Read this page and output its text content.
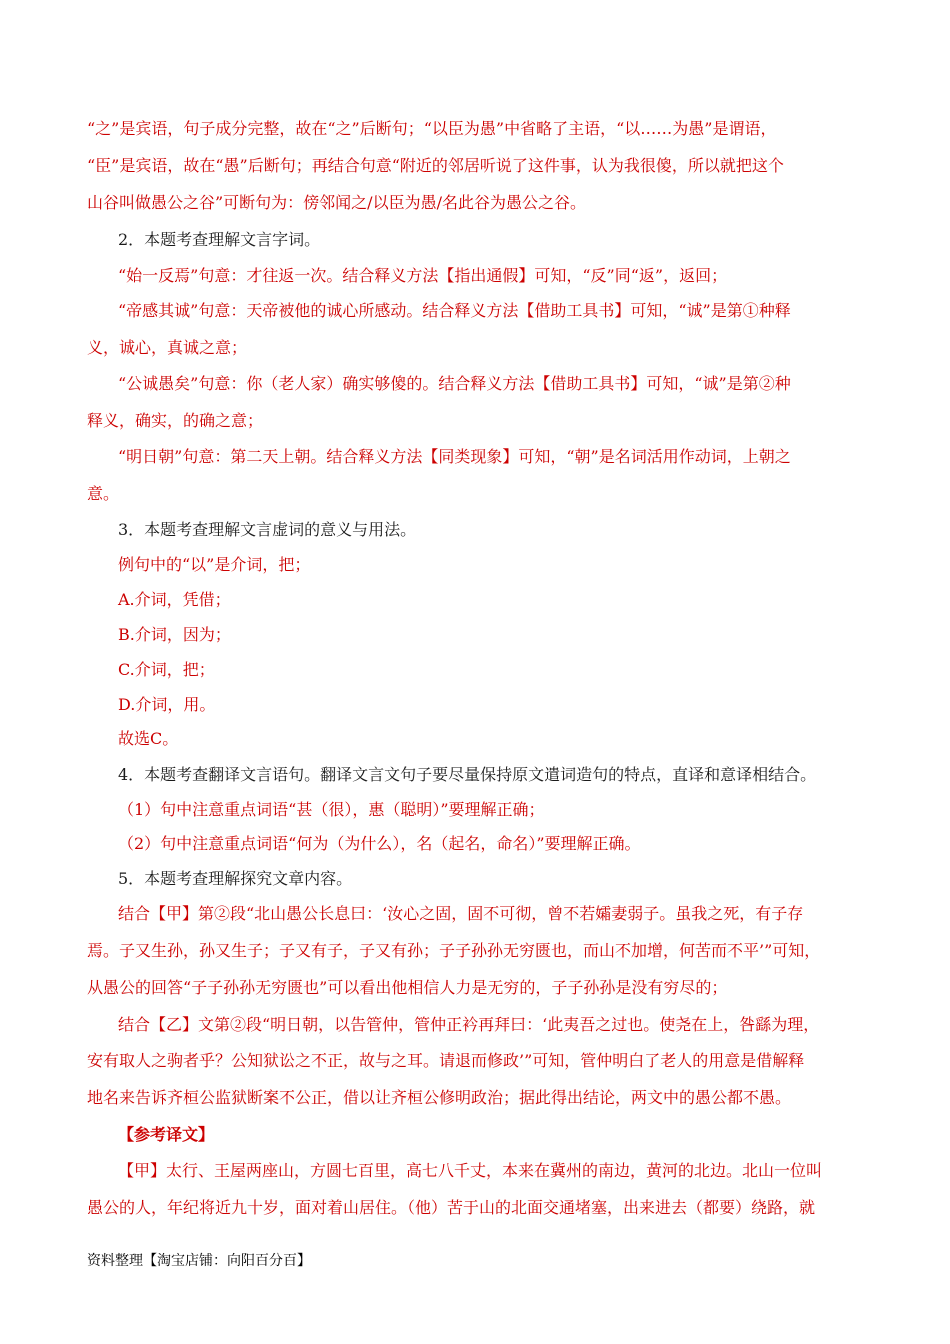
“之”是宾语，句子成分完整，故在“之”后断句；“以臣为愚”中省略了主语，“以……为愚”是谓语，
“臣”是宾语，故在“愚”后断句；再结合句意“附近的邻居听说了这件事，认为我很傻，所以就把这个
山谷叫做愚公之谷”可断句为：傍邻闻之/以臣为愚/名此谷为愚公之谷。
2．本题考查理解文言字词。
“始一反焉”句意：才往返一次。结合释义方法【指出通假】可知，“反”同“返”，返回；
“帝感其诚”句意：天帝被他的诚心所感动。结合释义方法【借助工具书】可知，“诚”是第①种释
义，诚心，真诚之意；
“公诚愚矣”句意：你（老人家）确实够傻的。结合释义方法【借助工具书】可知，“诚”是第②种
释义，确实，的确之意；
“明日朝”句意：第二天上朝。结合释义方法【同类现象】可知，“朝”是名词活用作动词，上朝之
意。
3．本题考查理解文言虚词的意义与用法。
例句中的“以”是介词，把；
A.介词，凭借；
B.介词，因为；
C.介词，把；
D.介词，用。
故选C。
4．本题考查翻译文言语句。翻译文言文句子要尽量保持原文遣词造句的特点，直译和意译相结合。
（1）句中注意重点词语“甚（很），惠（聪明）”要理解正确；
（2）句中注意重点词语“何为（为什么），名（起名，命名）”要理解正确。
5．本题考查理解探究文章内容。
结合【甲】第②段“北山愚公长息曰：‘汝心之固，固不可彻，曾不若孀妻弱子。虽我之死，有子存
焉。子又生孙，孙又生子；子又有子，子又有孙；子子孙孙无穷匮也，而山不加增，何苦而不平’”可知，
从愚公的回答“子子孙孙无穷匮也”可以看出他相信人力是无穷的，子子孙孙是没有穷尽的；
结合【乙】文第②段“明日朝，以告管仲，管仲正衿再拜曰：‘此夷吾之过也。使尧在上，咎繇为理，
安有取人之驹者乎？公知狱讼之不正，故与之耳。请退而修政’”可知，管仲明白了老人的用意是借解释
地名来告诉齐桓公监狱断案不公正，借以让齐桓公修明政治；据此得出结论，两文中的愚公都不愚。
【参考译文】
【甲】太行、王屋两座山，方圆七百里，高七八千丈，本来在冀州的南边，黄河的北边。北山一位叫
愚公的人，年纪将近九十岁，面对着山居住。（他）苦于山的北面交通堵塞，出来进去（都要）绕路，就
资料整理【淘宝店铺：向阳百分百】
